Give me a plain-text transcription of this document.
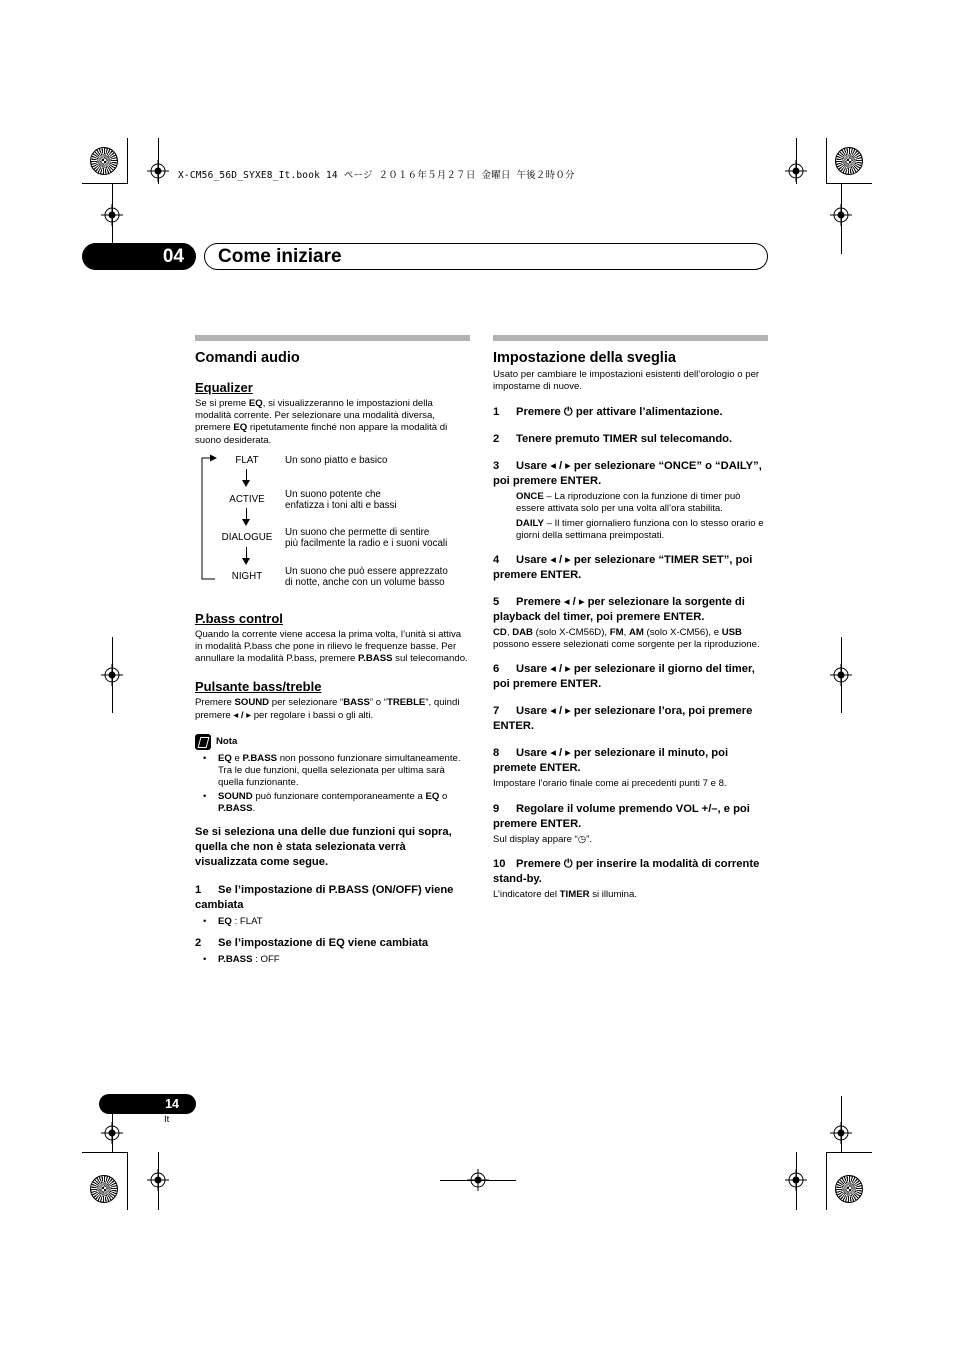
X-CM56_56D_SYXE8_It.book 14 ページ ２０１６年５月２７日 金曜日 午後２時０分
04	Come iniziare
Comandi audio
Equalizer

Se si preme EQ, si visualizzeranno le impostazioni della modalità corrente. Per selezionare una modalità diversa, premere EQ ripetutamente finché non appare la modalità di suono desiderata.

FLAT	Un sono piatto e basico
ACTIVE	Un suono potente che
enfatizza i toni alti e bassi
DIALOGUE	Un suono che permette di sentire
più facilmente la radio e i suoni vocali
NIGHT	Un suono che può essere apprezzato
di notte, anche con un volume basso
P.bass control

Quando la corrente viene accesa la prima volta, l’unità si attiva in modalità P.bass che pone in rilievo le frequenze basse. Per annullare la modalità P.bass, premere P.BASS sul telecomando.

Pulsante bass/treble

Premere SOUND per selezionare “BASS” o “TREBLE”, quindi premere ◂ / ▸ per regolare i bassi o gli alti.

Nota
• EQ e P.BASS non possono funzionare simultaneamente. Tra le due funzioni, quella selezionata per ultima sarà quella funzionante.
• SOUND può funzionare contemporaneamente a EQ o P.BASS.
Se si seleziona una delle due funzioni qui sopra, quella che non è stata selezionata verrà visualizzata come segue.
1 Se l’impostazione di P.BASS (ON/OFF) viene cambiata
• EQ : FLAT
2 Se l’impostazione di EQ viene cambiata
• P.BASS : OFF
Impostazione della sveglia

Usato per cambiare le impostazioni esistenti dell’orologio o per impostarne di nuove.

1 Premere ⏻ per attivare l’alimentazione.
2 Tenere premuto TIMER sul telecomando.
3 Usare ◂ / ▸ per selezionare “ONCE” o “DAILY”, poi premere ENTER.

ONCE – La riproduzione con la funzione di timer può essere attivata solo per una volta all’ora stabilita.

DAILY – Il timer giornaliero funziona con lo stesso orario e giorni della settimana preimpostati.

4 Usare ◂ / ▸ per selezionare “TIMER SET”, poi premere ENTER.
5 Premere ◂ / ▸ per selezionare la sorgente di playback del timer, poi premere ENTER.

CD, DAB (solo X-CM56D), FM, AM (solo X-CM56), e USB possono essere selezionati come sorgente per la riproduzione.

6 Usare ◂ / ▸ per selezionare il giorno del timer, poi premere ENTER.
7 Usare ◂ / ▸ per selezionare l’ora, poi premere ENTER.
8 Usare ◂ / ▸ per selezionare il minuto, poi premete ENTER.

Impostare l’orario finale come ai precedenti punti 7 e 8.

9 Regolare il volume premendo VOL +/–, e poi premere ENTER.

Sul display appare “◷”.

10 Premere ⏻ per inserire la modalità di corrente stand-by.

L’indicatore del TIMER si illumina.

14
It
